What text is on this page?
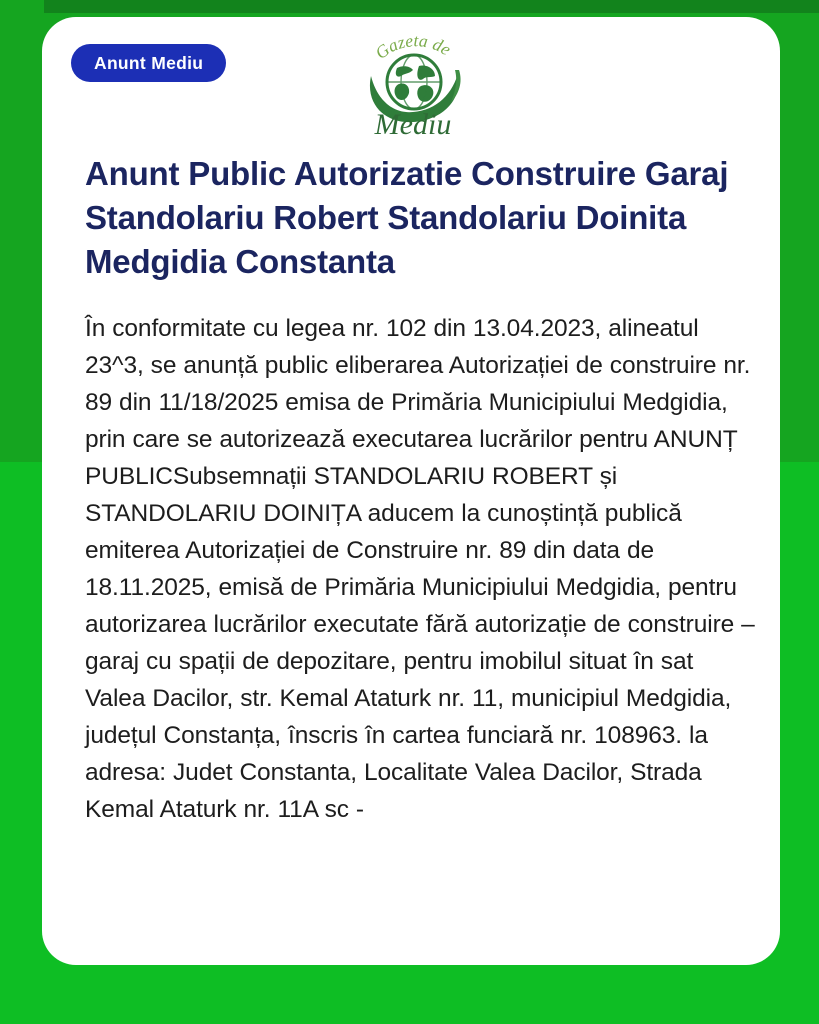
Anunt Mediu	Gazeta de
Mediu
Anunt Public Autorizatie Construire Garaj Standolariu Robert Standolariu Doinita Medgidia Constanta

În conformitate cu legea nr. 102 din 13.04.2023, alineatul 23^3, se anunță public eliberarea Autorizației de construire nr. 89 din 11/18/2025 emisa de Primăria Municipiului Medgidia, prin care se autorizează executarea lucrărilor pentru ANUNȚ PUBLICSubsemnații STANDOLARIU ROBERT și STANDOLARIU DOINIȚA aducem la cunoștință publică emiterea Autorizației de Construire nr. 89 din data de 18.11.2025, emisă de Primăria Municipiului Medgidia, pentru autorizarea lucrărilor executate fără autorizație de construire – garaj cu spații de depozitare, pentru imobilul situat în sat Valea Dacilor, str. Kemal Ataturk nr. 11, municipiul Medgidia, județul Constanța, înscris în cartea funciară nr. 108963. la adresa: Judet Constanta, Localitate Valea Dacilor, Strada Kemal Ataturk nr. 11A sc -
